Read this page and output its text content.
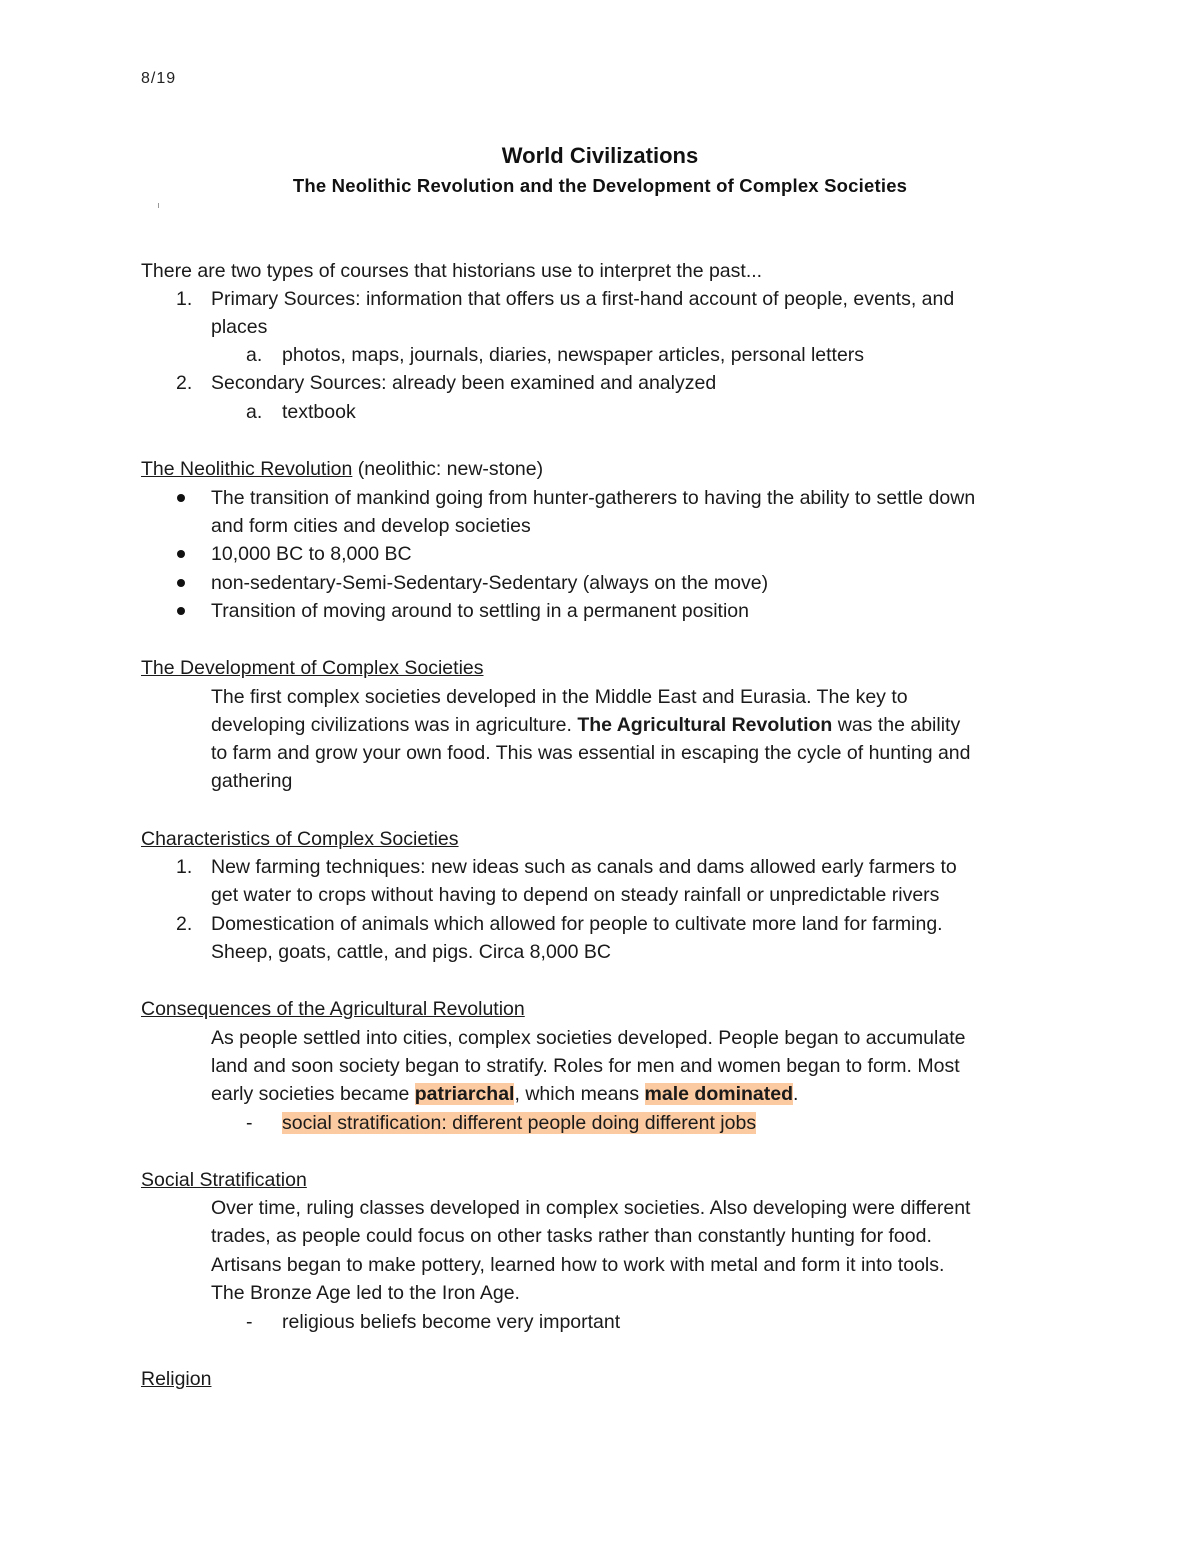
8/19
World Civilizations
The Neolithic Revolution and the Development of Complex Societies
There are two types of courses that historians use to interpret the past...
1. Primary Sources: information that offers us a first-hand account of people, events, and
places
a. photos, maps, journals, diaries, newspaper articles, personal letters
2. Secondary Sources: already been examined and analyzed
a. textbook
The Neolithic Revolution (neolithic: new-stone)
The transition of mankind going from hunter-gatherers to having the ability to settle down
and form cities and develop societies
10,000 BC to 8,000 BC
non-sedentary-Semi-Sedentary-Sedentary (always on the move)
Transition of moving around to settling in a permanent position
The Development of Complex Societies
The first complex societies developed in the Middle East and Eurasia. The key to
developing civilizations was in agriculture. The Agricultural Revolution was the ability
to farm and grow your own food. This was essential in escaping the cycle of hunting and
gathering
Characteristics of Complex Societies
1. New farming techniques: new ideas such as canals and dams allowed early farmers to
get water to crops without having to depend on steady rainfall or unpredictable rivers
2. Domestication of animals which allowed for people to cultivate more land for farming.
Sheep, goats, cattle, and pigs. Circa 8,000 BC
Consequences of the Agricultural Revolution
As people settled into cities, complex societies developed. People began to accumulate
land and soon society began to stratify. Roles for men and women began to form. Most
early societies became patriarchal, which means male dominated.
- social stratification: different people doing different jobs
Social Stratification
Over time, ruling classes developed in complex societies. Also developing were different
trades, as people could focus on other tasks rather than constantly hunting for food.
Artisans began to make pottery, learned how to work with metal and form it into tools.
The Bronze Age led to the Iron Age.
- religious beliefs become very important
Religion
